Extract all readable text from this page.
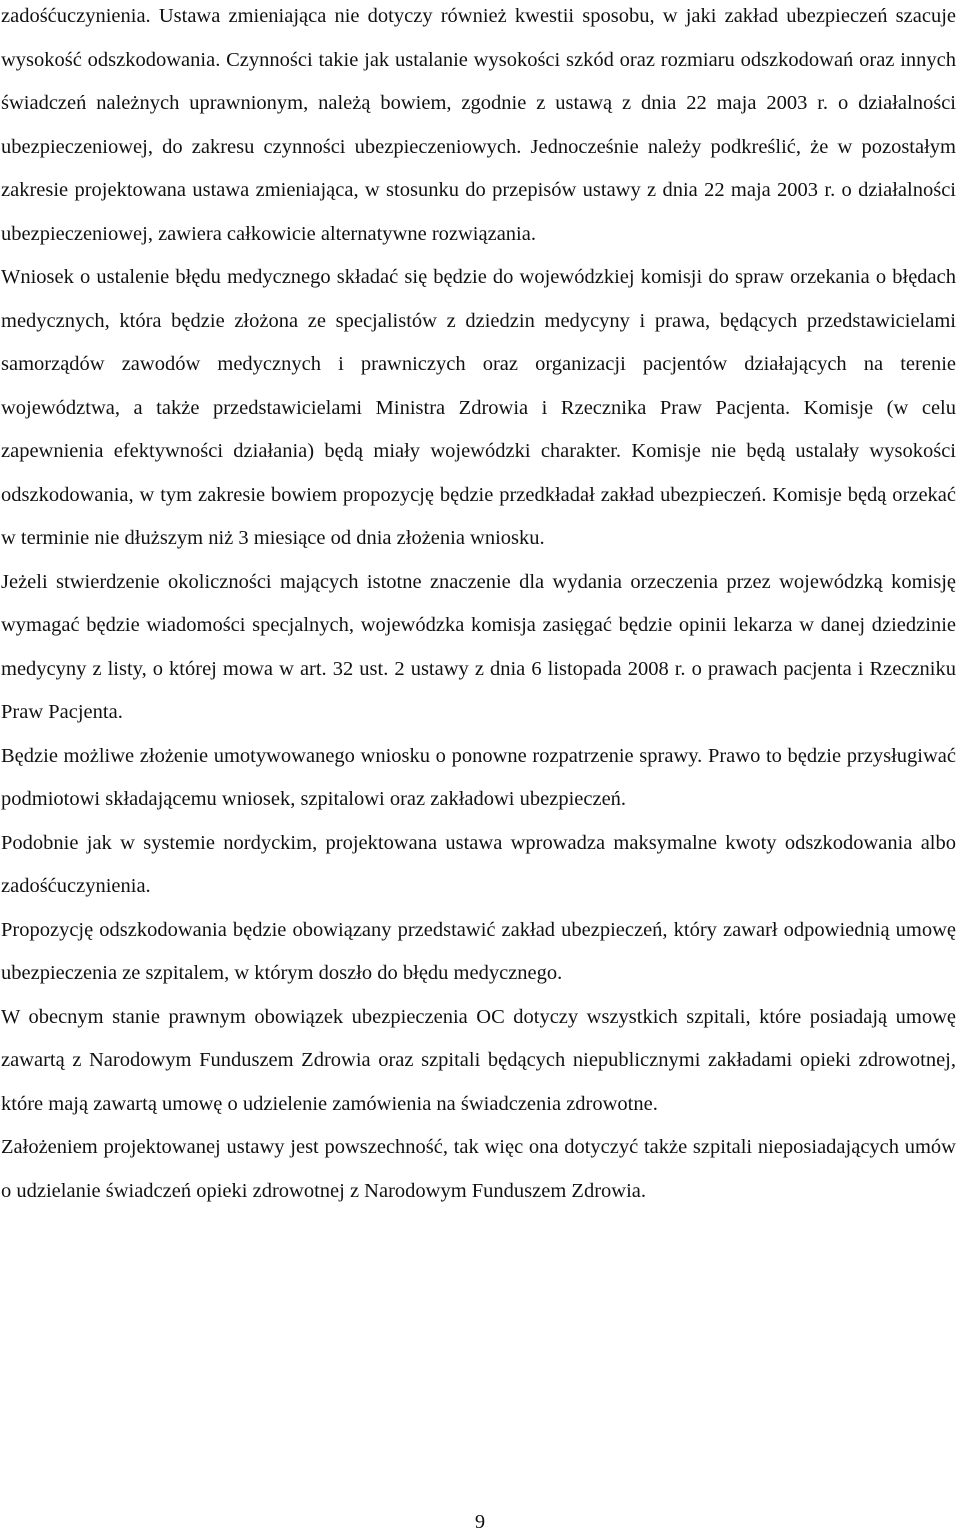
zadośćuczynienia. Ustawa zmieniająca nie dotyczy również kwestii sposobu, w jaki zakład ubezpieczeń szacuje wysokość odszkodowania. Czynności takie jak ustalanie wysokości szkód oraz rozmiaru odszkodowań oraz innych świadczeń należnych uprawnionym, należą bowiem, zgodnie z ustawą z dnia 22 maja 2003 r. o działalności ubezpieczeniowej, do zakresu czynności ubezpieczeniowych. Jednocześnie należy podkreślić, że w pozostałym zakresie projektowana ustawa zmieniająca, w stosunku do przepisów ustawy z dnia 22 maja 2003 r. o działalności ubezpieczeniowej, zawiera całkowicie alternatywne rozwiązania.

Wniosek o ustalenie błędu medycznego składać się będzie do wojewódzkiej komisji do spraw orzekania o błędach medycznych, która będzie złożona ze specjalistów z dziedzin medycyny i prawa, będących przedstawicielami samorządów zawodów medycznych i prawniczych oraz organizacji pacjentów działających na terenie województwa, a także przedstawicielami Ministra Zdrowia i Rzecznika Praw Pacjenta. Komisje (w celu zapewnienia efektywności działania) będą miały wojewódzki charakter. Komisje nie będą ustalały wysokości odszkodowania, w tym zakresie bowiem propozycję będzie przedkładał zakład ubezpieczeń. Komisje będą orzekać w terminie nie dłuższym niż 3 miesiące od dnia złożenia wniosku.

Jeżeli stwierdzenie okoliczności mających istotne znaczenie dla wydania orzeczenia przez wojewódzką komisję wymagać będzie wiadomości specjalnych, wojewódzka komisja zasięgać będzie opinii lekarza w danej dziedzinie medycyny z listy, o której mowa w art. 32 ust. 2 ustawy z dnia 6 listopada 2008 r. o prawach pacjenta i Rzeczniku Praw Pacjenta.

Będzie możliwe złożenie umotywowanego wniosku o ponowne rozpatrzenie sprawy. Prawo to będzie przysługiwać podmiotowi składającemu wniosek, szpitalowi oraz zakładowi ubezpieczeń.

Podobnie jak w systemie nordyckim, projektowana ustawa wprowadza maksymalne kwoty odszkodowania albo zadośćuczynienia.

Propozycję odszkodowania będzie obowiązany przedstawić zakład ubezpieczeń, który zawarł odpowiednią umowę ubezpieczenia ze szpitalem, w którym doszło do błędu medycznego.

W obecnym stanie prawnym obowiązek ubezpieczenia OC dotyczy wszystkich szpitali, które posiadają umowę zawartą z Narodowym Funduszem Zdrowia oraz szpitali będących niepublicznymi zakładami opieki zdrowotnej, które mają zawartą umowę o udzielenie zamówienia na świadczenia zdrowotne.

Założeniem projektowanej ustawy jest powszechność, tak więc ona dotyczyć także szpitali nieposiadających umów o udzielanie świadczeń opieki zdrowotnej z Narodowym Funduszem Zdrowia.

9
